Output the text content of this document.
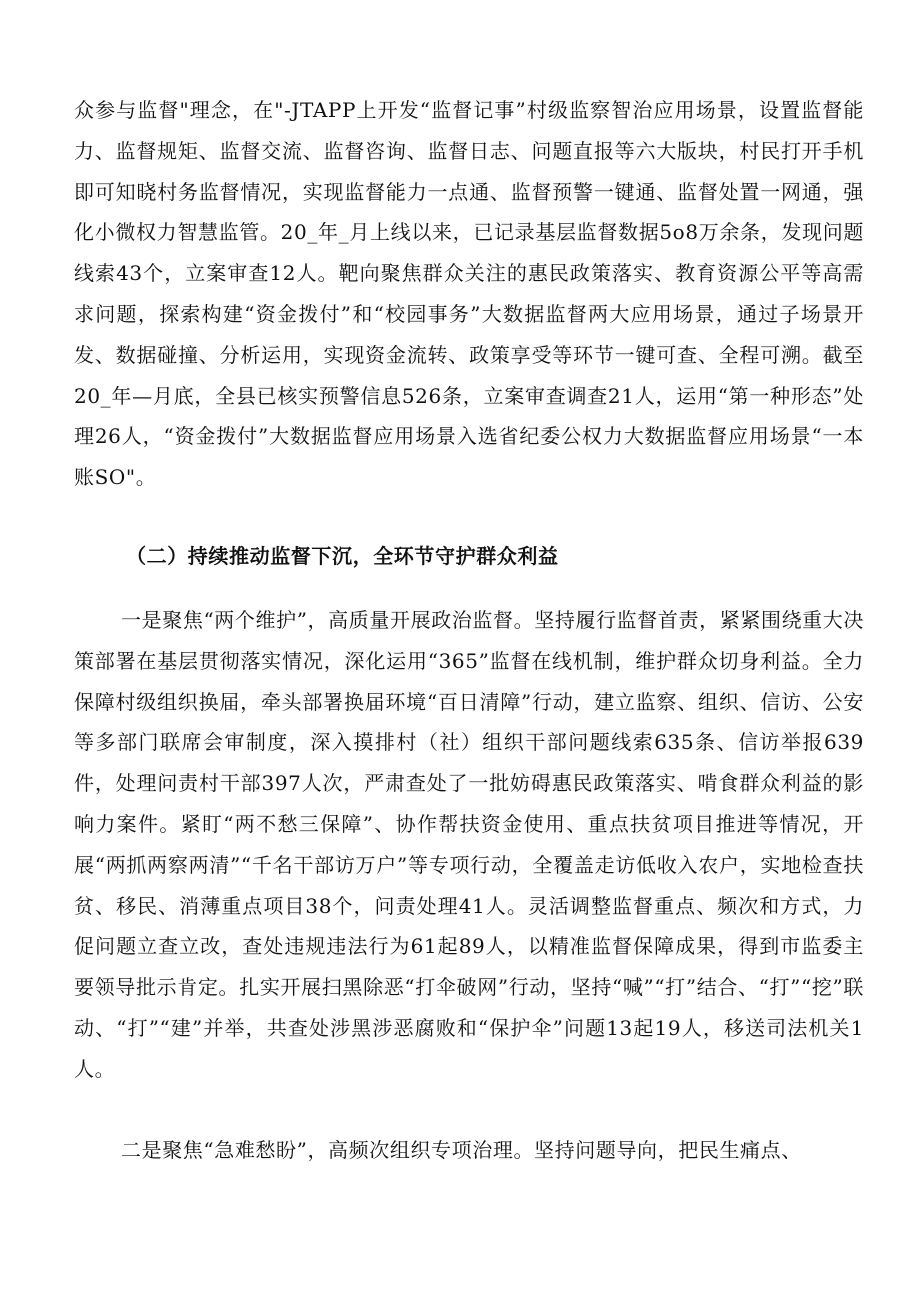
众参与监督"理念，在"-JTAPP上开发“监督记事”村级监察智治应用场景，设置监督能力、监督规矩、监督交流、监督咨询、监督日志、问题直报等六大版块，村民打开手机即可知晓村务监督情况，实现监督能力一点通、监督预警一键通、监督处置一网通，强化小微权力智慧监管。20_年_月上线以来，已记录基层监督数据5o8万余条，发现问题线索43个，立案审查12人。靶向聚焦群众关注的惠民政策落实、教育资源公平等高需求问题，探索构建“资金拨付”和“校园事务”大数据监督两大应用场景，通过子场景开发、数据碰撞、分析运用，实现资金流转、政策享受等环节一键可查、全程可溯。截至20_年—月底，全县已核实预警信息526条，立案审查调查21人，运用“第一种形态”处理26人，“资金拨付”大数据监督应用场景入选省纪委公权力大数据监督应用场景“一本账SO"。

（二）持续推动监督下沉，全环节守护群众利益

一是聚焦“两个维护”，高质量开展政治监督。坚持履行监督首责，紧紧围绕重大决策部署在基层贯彻落实情况，深化运用“365”监督在线机制，维护群众切身利益。全力保障村级组织换届，牵头部署换届环境“百日清障”行动，建立监察、组织、信访、公安等多部门联席会审制度，深入摸排村（社）组织干部问题线索635条、信访举报639件，处理问责村干部397人次，严肃查处了一批妨碍惠民政策落实、啃食群众利益的影响力案件。紧盯“两不愁三保障”、协作帮扶资金使用、重点扶贫项目推进等情况，开展“两抓两察两清”“千名干部访万户”等专项行动，全覆盖走访低收入农户，实地检查扶贫、移民、消薄重点项目38个，问责处理41人。灵活调整监督重点、频次和方式，力促问题立查立改，查处违规违法行为61起89人，以精准监督保障成果，得到市监委主要领导批示肯定。扎实开展扫黑除恶“打伞破网”行动，坚持“喊”“打”结合、“打”“挖”联动、“打”“建”并举，共查处涉黑涉恶腐败和“保护伞”问题13起19人，移送司法机关1人。

二是聚焦“急难愁盼”，高频次组织专项治理。坚持问题导向，把民生痛点、
